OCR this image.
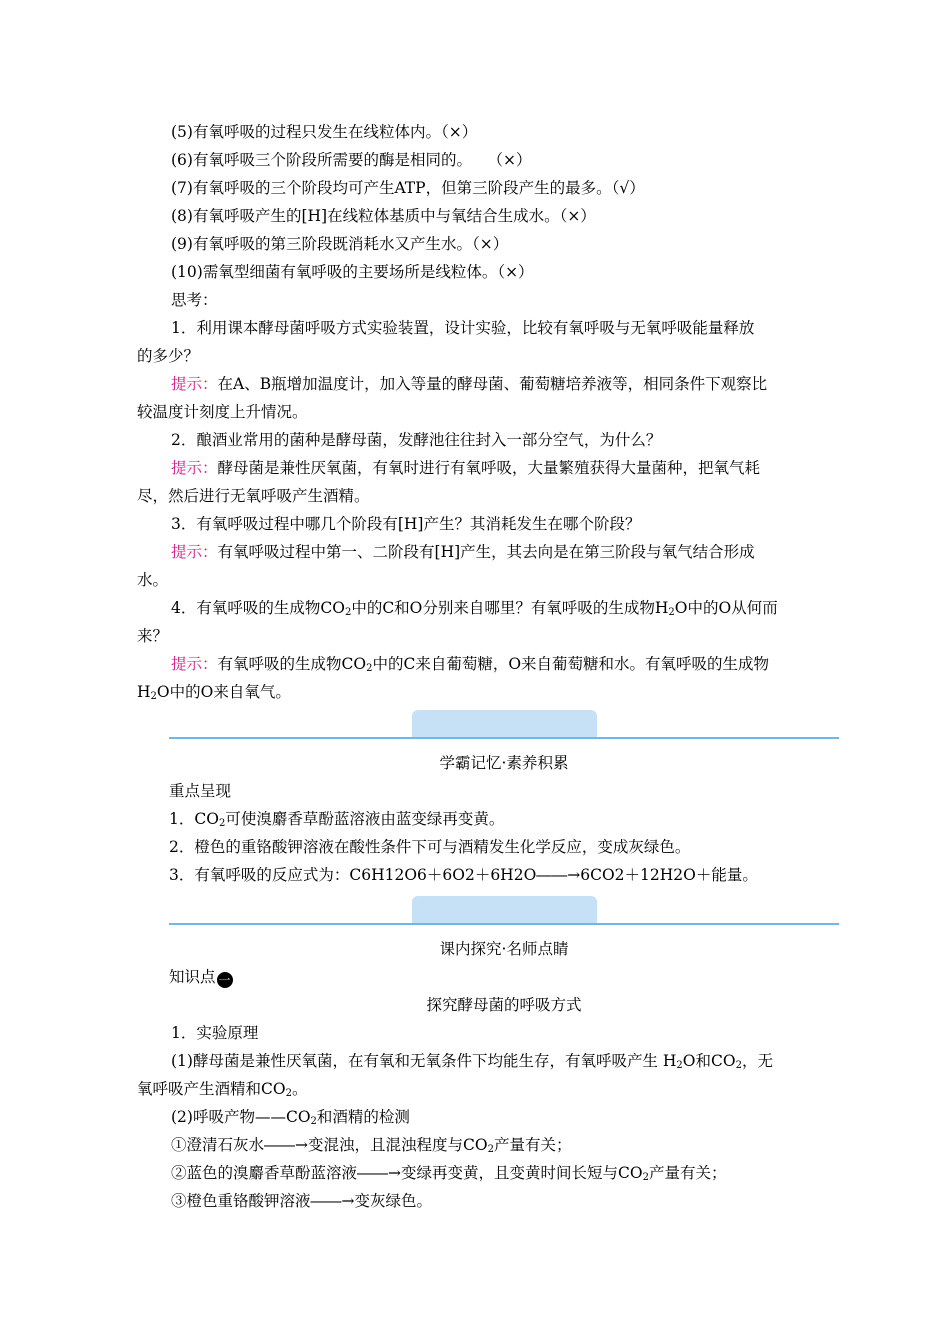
(5)有氧呼吸的过程只发生在线粒体内。（×）
(6)有氧呼吸三个阶段所需要的酶是相同的。　　（×）
(7)有氧呼吸的三个阶段均可产生ATP，但第三阶段产生的最多。（√）
(8)有氧呼吸产生的[H]在线粒体基质中与氧结合生成水。（×）
(9)有氧呼吸的第三阶段既消耗水又产生水。（×）
(10)需氧型细菌有氧呼吸的主要场所是线粒体。（×）
思考：
1．利用课本酵母菌呼吸方式实验装置，设计实验，比较有氧呼吸与无氧呼吸能量释放
的多少？
提示：在A、B瓶增加温度计，加入等量的酵母菌、葡萄糖培养液等，相同条件下观察比
较温度计刻度上升情况。
2．酿酒业常用的菌种是酵母菌，发酵池往往封入一部分空气，为什么？
提示：酵母菌是兼性厌氧菌，有氧时进行有氧呼吸，大量繁殖获得大量菌种，把氧气耗
尽，然后进行无氧呼吸产生酒精。
3．有氧呼吸过程中哪几个阶段有[H]产生？其消耗发生在哪个阶段？
提示：有氧呼吸过程中第一、二阶段有[H]产生，其去向是在第三阶段与氧气结合形成
水。
4．有氧呼吸的生成物$CO_2$中的C和O分别来自哪里？有氧呼吸的生成物$H_2O$中的O从何而
来？
提示：有氧呼吸的生成物$CO_2$中的C来自葡萄糖，O来自葡萄糖和水。有氧呼吸的生成物
$H_2O$中的O来自氧气。
学霸记忆·素养积累
重点呈现
1．$CO_2$可使溴麝香草酚蓝溶液由蓝变绿再变黄。
2．橙色的重铬酸钾溶液在酸性条件下可与酒精发生化学反应，变成灰绿色。
3．有氧呼吸的反应式为：C6H12O6＋6O2＋6H2O――→6CO2＋12H2O＋能量。
课内探究·名师点睛
知识点 一
探究酵母菌的呼吸方式
1．实验原理
(1)酵母菌是兼性厌氧菌，在有氧和无氧条件下均能生存，有氧呼吸产生 $H_2O$和$CO_2$，无
氧呼吸产生酒精和$CO_2$。
(2)呼吸产物$——CO_2$和酒精的检测
①澄清石灰水――→变混浊，且混浊程度与$CO_2$产量有关；
②蓝色的溴麝香草酚蓝溶液――→变绿再变黄，且变黄时间长短与$CO_2$产量有关；
③橙色重铬酸钾溶液――→变灰绿色。
